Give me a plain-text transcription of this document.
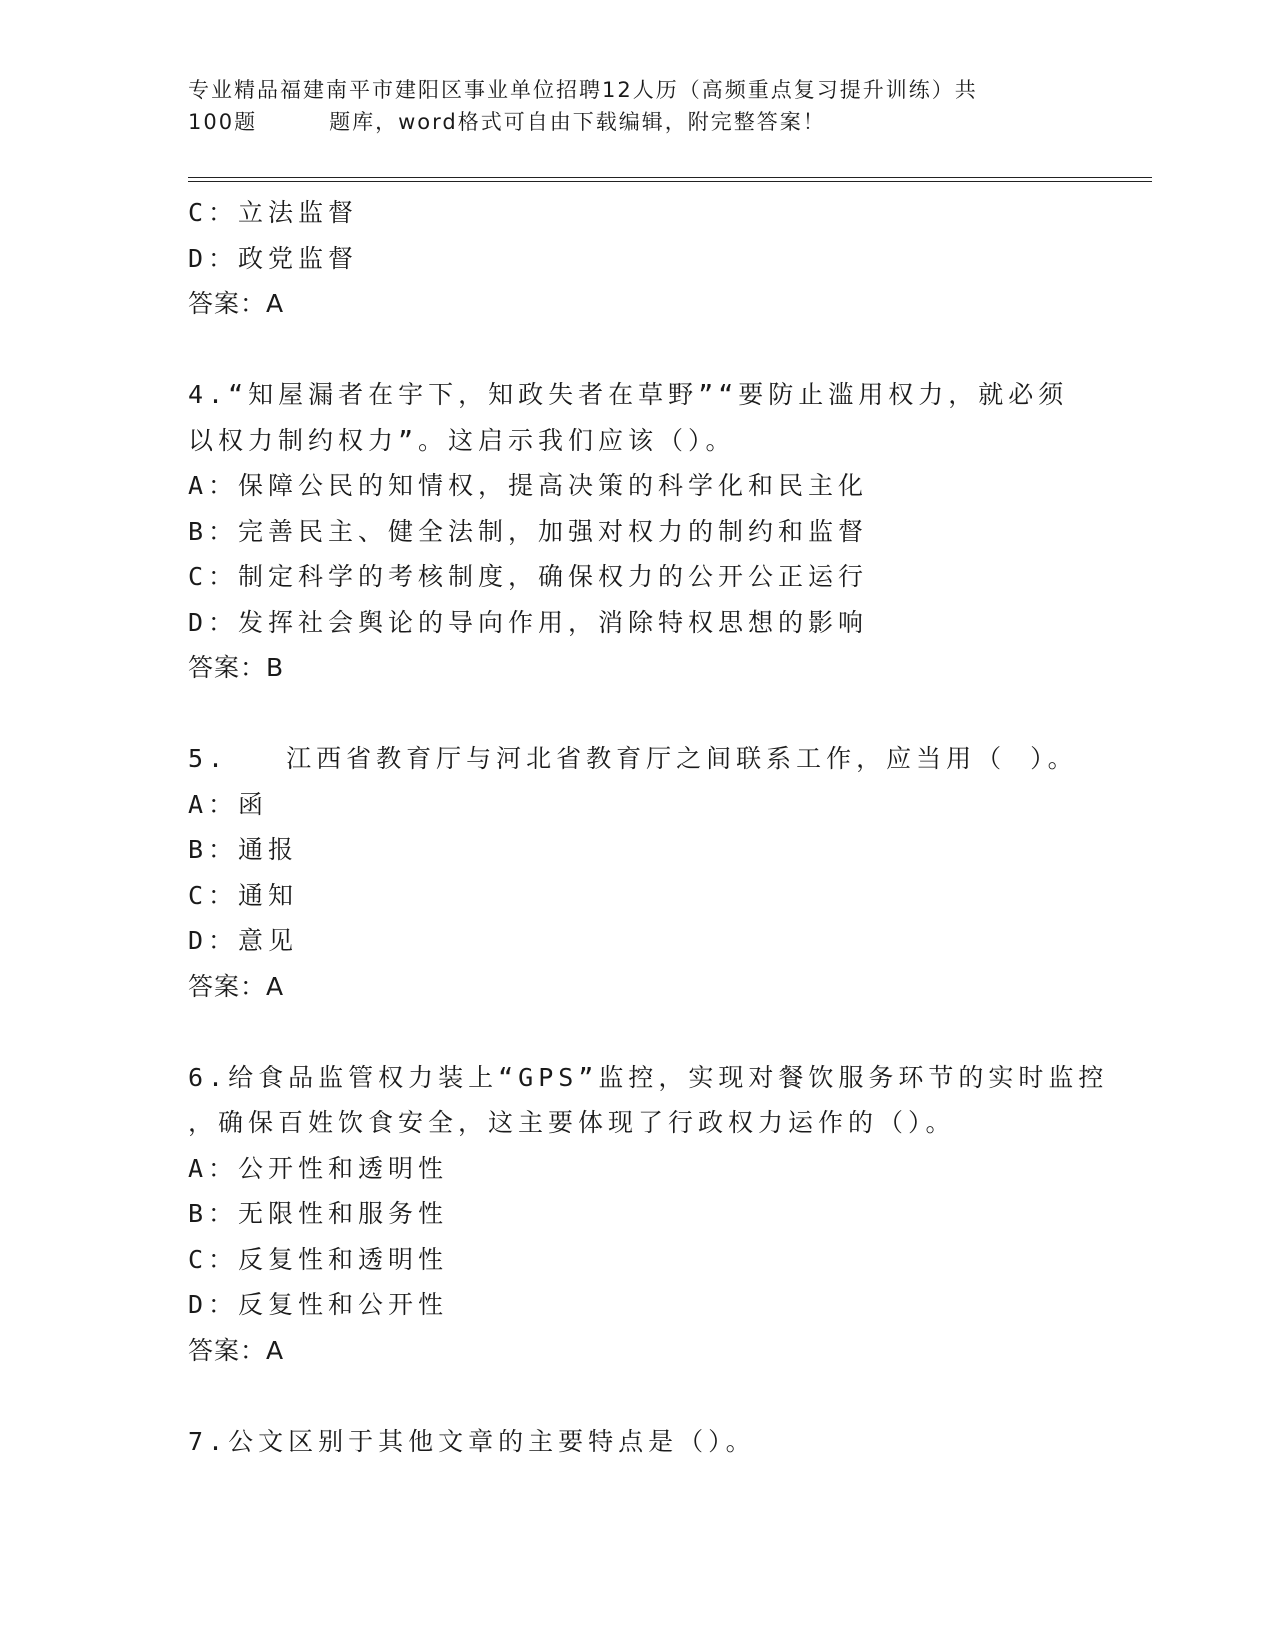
专业精品福建南平市建阳区事业单位招聘12人历（高频重点复习提升训练）共
100题	题库，word格式可自由下载编辑，附完整答案！
C：立法监督
D：政党监督
答案：A
4.“知屋漏者在宇下，知政失者在草野”“要防止滥用权力，就必须
以权力制约权力”。这启示我们应该（）。
A：保障公民的知情权，提高决策的科学化和民主化
B：完善民主、健全法制，加强对权力的制约和监督
C：制定科学的考核制度，确保权力的公开公正运行
D：发挥社会舆论的导向作用，消除特权思想的影响
答案：B
5. 江西省教育厅与河北省教育厅之间联系工作，应当用（ ）。
A：函
B：通报
C：通知
D：意见
答案：A
6.给食品监管权力装上“GPS”监控，实现对餐饮服务环节的实时监控
，确保百姓饮食安全，这主要体现了行政权力运作的（）。
A：公开性和透明性
B：无限性和服务性
C：反复性和透明性
D：反复性和公开性
答案：A
7.公文区别于其他文章的主要特点是（）。
